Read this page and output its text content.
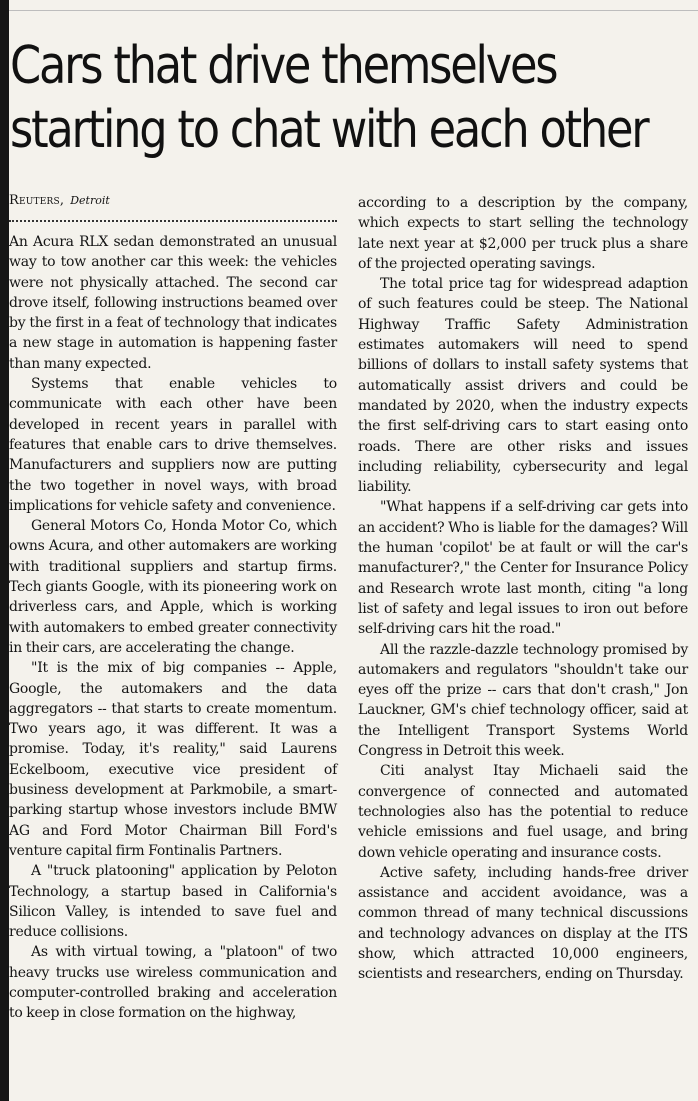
Cars that drive themselves
starting to chat with each other
Reuters, Detroit

An Acura RLX sedan demonstrated an unusual way to tow another car this week: the vehicles were not physically attached. The second car drove itself, following instructions beamed over by the first in a feat of technology that indicates a new stage in automation is happening faster than many expected.

Systems that enable vehicles to communicate with each other have been developed in recent years in parallel with features that enable cars to drive themselves. Manufacturers and suppliers now are putting the two together in novel ways, with broad implications for vehicle safety and convenience.

General Motors Co, Honda Motor Co, which owns Acura, and other automakers are working with traditional suppliers and startup firms. Tech giants Google, with its pioneering work on driverless cars, and Apple, which is working with automakers to embed greater connectivity in their cars, are accelerating the change.

"It is the mix of big companies -- Apple, Google, the automakers and the data aggregators -- that starts to create momentum. Two years ago, it was different. It was a promise. Today, it's reality," said Laurens Eckelboom, executive vice president of business development at Parkmobile, a smart-parking startup whose investors include BMW AG and Ford Motor Chairman Bill Ford's venture capital firm Fontinalis Partners.

A "truck platooning" application by Peloton Technology, a startup based in California's Silicon Valley, is intended to save fuel and reduce collisions.

As with virtual towing, a "platoon" of two heavy trucks use wireless communication and computer-controlled braking and acceleration to keep in close formation on the highway,

according to a description by the company, which expects to start selling the technology late next year at $2,000 per truck plus a share of the projected operating savings.

The total price tag for widespread adaption of such features could be steep. The National Highway Traffic Safety Administration estimates automakers will need to spend billions of dollars to install safety systems that automatically assist drivers and could be mandated by 2020, when the industry expects the first self-driving cars to start easing onto roads. There are other risks and issues including reliability, cybersecurity and legal liability.

"What happens if a self-driving car gets into an accident? Who is liable for the damages? Will the human 'copilot' be at fault or will the car's manufacturer?," the Center for Insurance Policy and Research wrote last month, citing "a long list of safety and legal issues to iron out before self-driving cars hit the road."

All the razzle-dazzle technology promised by automakers and regulators "shouldn't take our eyes off the prize -- cars that don't crash," Jon Lauckner, GM's chief technology officer, said at the Intelligent Transport Systems World Congress in Detroit this week.

Citi analyst Itay Michaeli said the convergence of connected and automated technologies also has the potential to reduce vehicle emissions and fuel usage, and bring down vehicle operating and insurance costs.

Active safety, including hands-free driver assistance and accident avoidance, was a common thread of many technical discussions and technology advances on display at the ITS show, which attracted 10,000 engineers, scientists and researchers, ending on Thursday.
